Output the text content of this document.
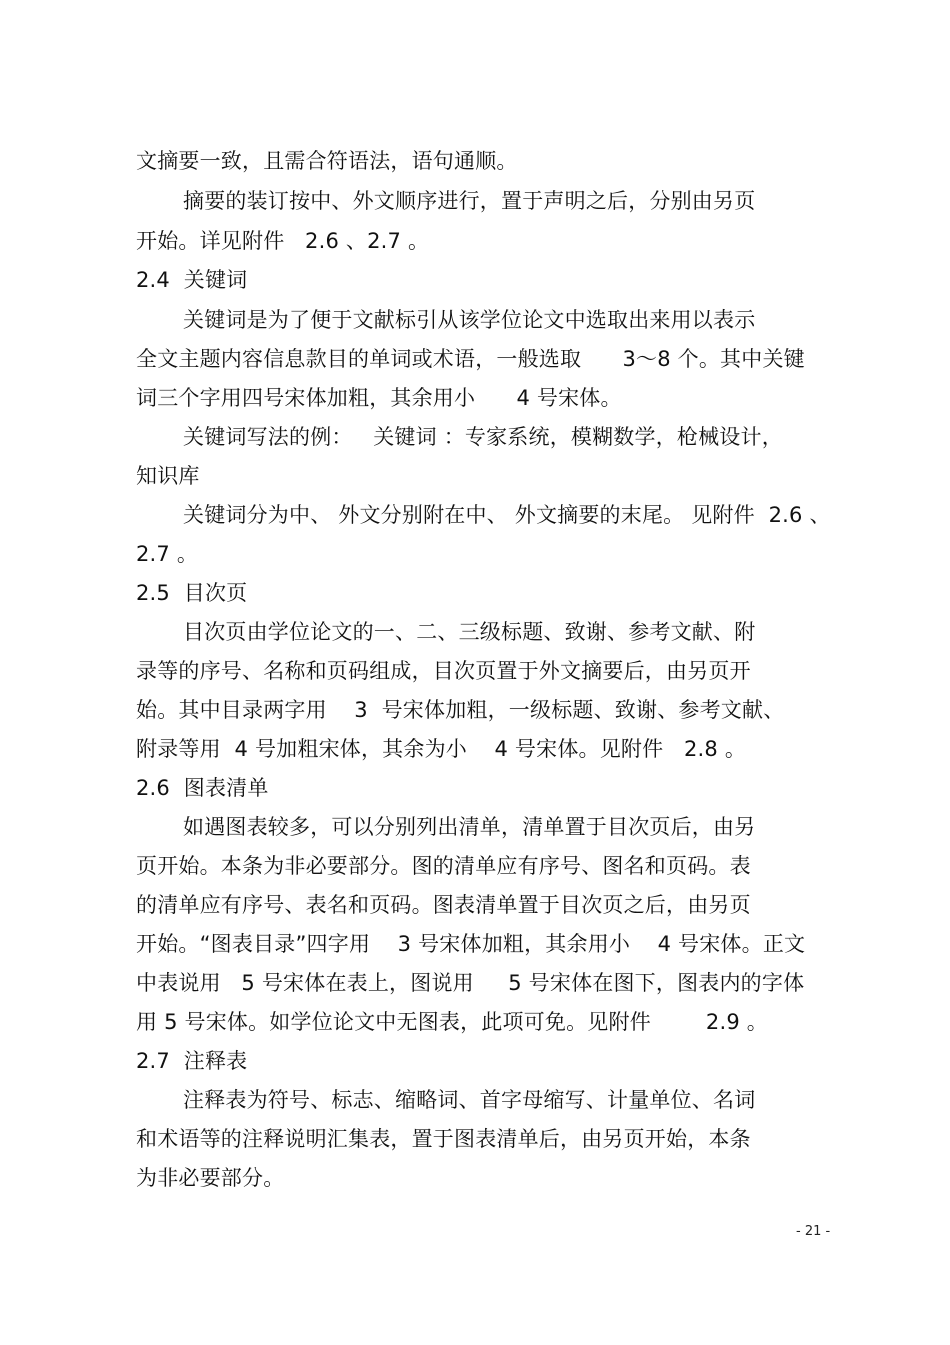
文摘要一致，且需合符语法，语句通顺。
摘要的装订按中、外文顺序进行，置于声明之后，分别由另页
开始。详见附件   2.6 、2.7 。
2.4  关键词
关键词是为了便于文献标引从该学位论文中选取出来用以表示
全文主题内容信息款目的单词或术语，一般选取      3～8 个。其中关键
词三个字用四号宋体加粗，其余用小      4 号宋体。
关键词写法的例：   关键词 ：专家系统，模糊数学，枪械设计，
知识库
关键词分为中、 外文分别附在中、 外文摘要的末尾。 见附件  2.6 、
2.7 。
2.5  目次页
目次页由学位论文的一、二、三级标题、致谢、参考文献、附
录等的序号、名称和页码组成，目次页置于外文摘要后，由另页开
始。其中目录两字用    3  号宋体加粗，一级标题、致谢、参考文献、
附录等用  4 号加粗宋体，其余为小    4 号宋体。见附件   2.8 。
2.6  图表清单
如遇图表较多，可以分别列出清单，清单置于目次页后，由另
页开始。本条为非必要部分。图的清单应有序号、图名和页码。表
的清单应有序号、表名和页码。图表清单置于目次页之后，由另页
开始。“图表目录”四字用    3 号宋体加粗，其余用小    4 号宋体。正文
中表说用   5 号宋体在表上，图说用     5 号宋体在图下，图表内的字体
用 5 号宋体。如学位论文中无图表，此项可免。见附件        2.9 。
2.7  注释表
注释表为符号、标志、缩略词、首字母缩写、计量单位、名词
和术语等的注释说明汇集表，置于图表清单后，由另页开始，本条
为非必要部分。
- 21 -
